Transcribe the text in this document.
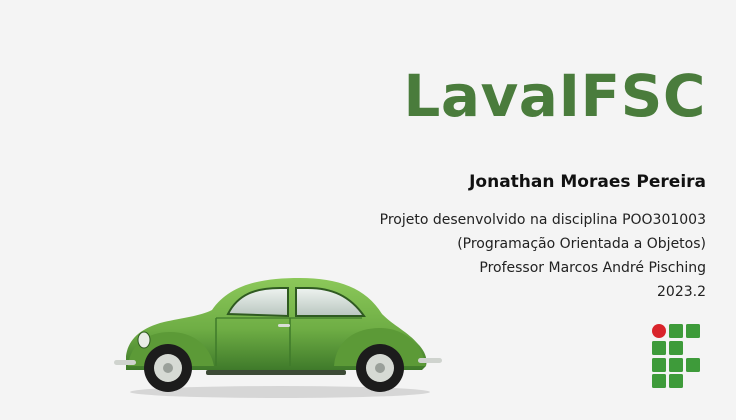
LavaIFSC
Jonathan Moraes Pereira
Projeto desenvolvido na disciplina POO301003
(Programação Orientada a Objetos)
Professor Marcos André Pisching
2023.2
